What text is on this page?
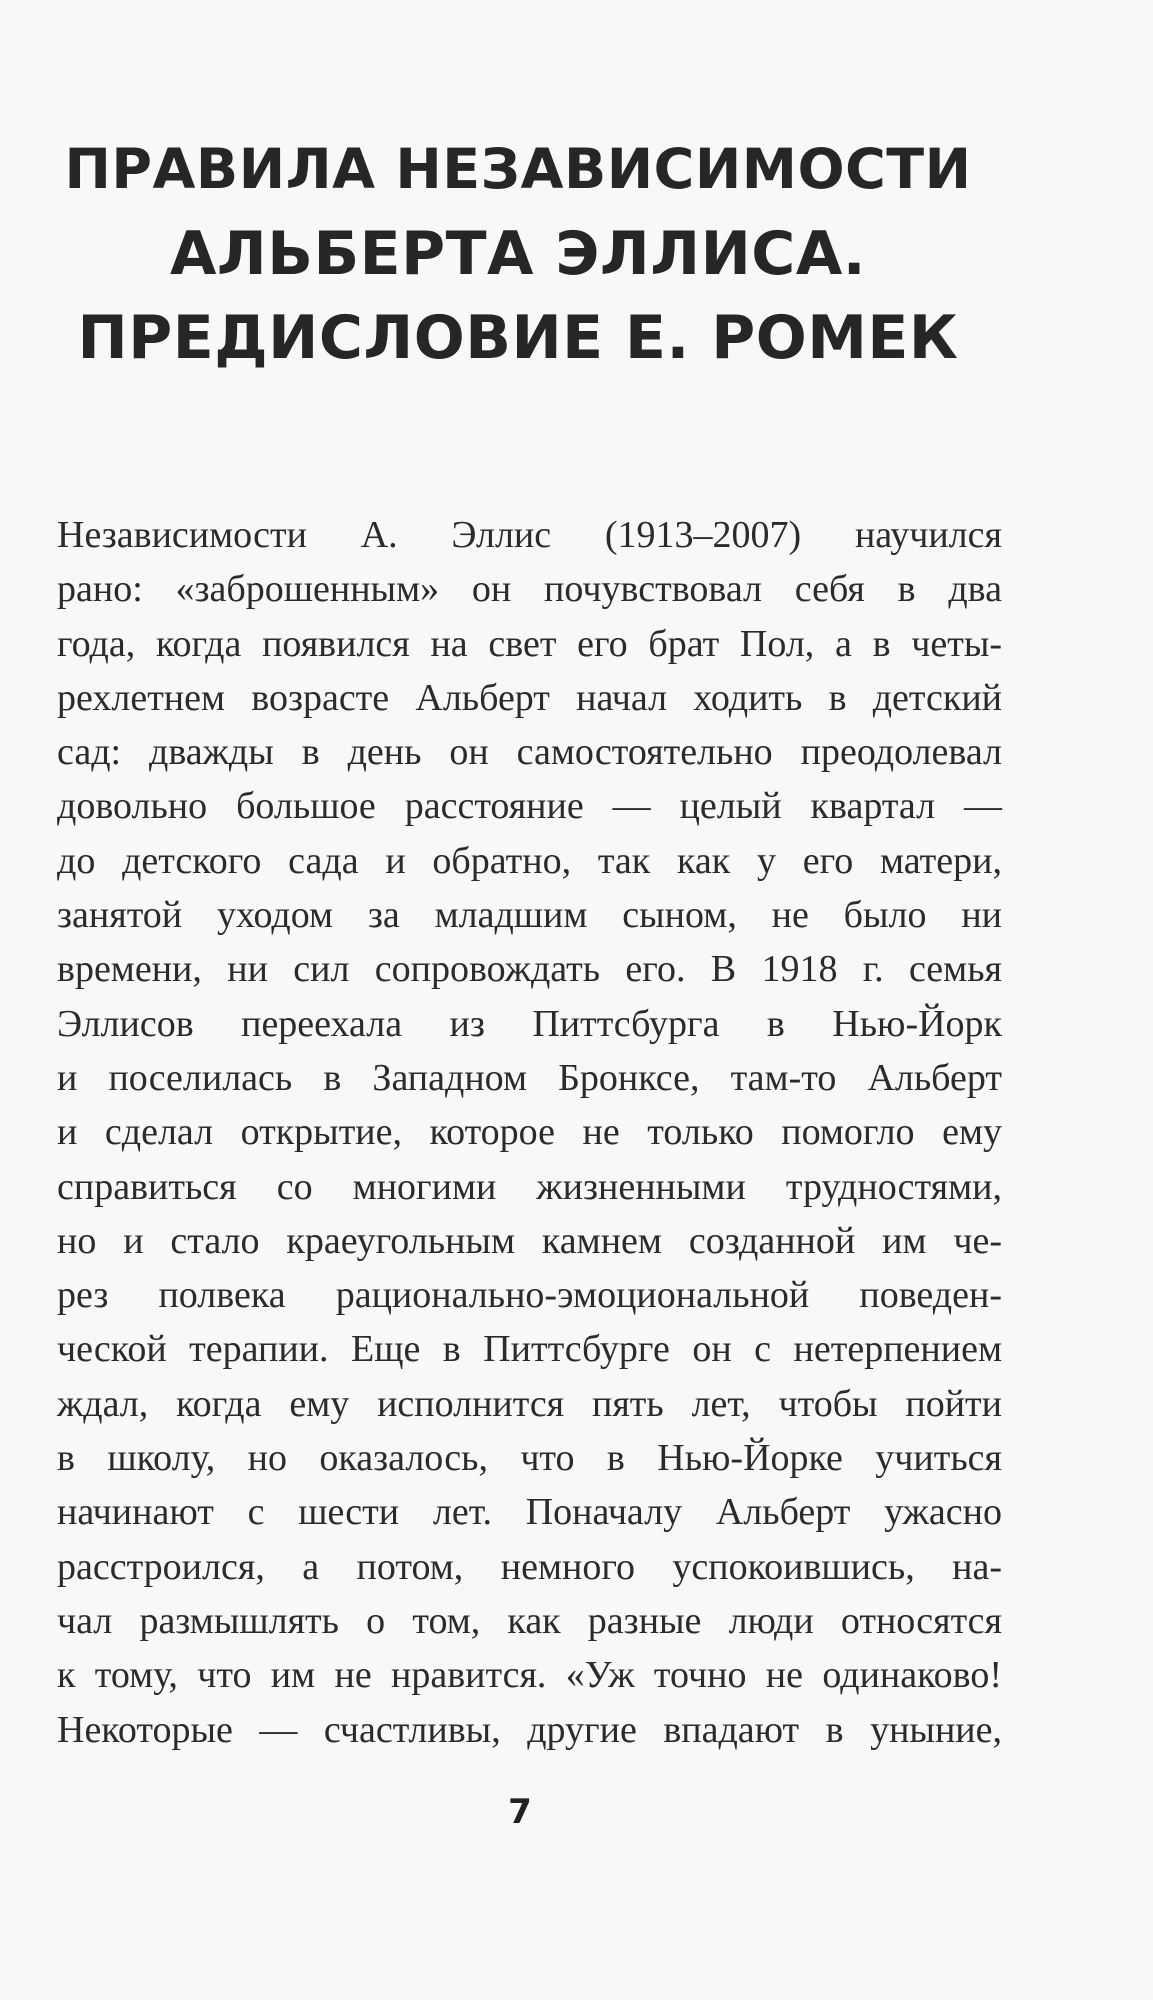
ПРАВИЛА НЕЗАВИСИМОСТИ
АЛЬБЕРТА ЭЛЛИСА.
ПРЕДИСЛОВИЕ Е. РОМЕК
Независимости А. Эллис (1913–2007) научился
рано: «заброшенным» он почувствовал себя в два
года, когда появился на свет его брат Пол, а в четы-
рехлетнем возрасте Альберт начал ходить в детский
сад: дважды в день он самостоятельно преодолевал
довольно большое расстояние — целый квартал —
до детского сада и обратно, так как у его матери,
занятой уходом за младшим сыном, не было ни
времени, ни сил сопровождать его. В 1918 г. семья
Эллисов переехала из Питтсбурга в Нью-Йорк
и поселилась в Западном Бронксе, там-то Альберт
и сделал открытие, которое не только помогло ему
справиться со многими жизненными трудностями,
но и стало краеугольным камнем созданной им че-
рез полвека рационально-эмоциональной поведен-
ческой терапии. Еще в Питтсбурге он с нетерпением
ждал, когда ему исполнится пять лет, чтобы пойти
в школу, но оказалось, что в Нью-Йорке учиться
начинают с шести лет. Поначалу Альберт ужасно
расстроился, а потом, немного успокоившись, на-
чал размышлять о том, как разные люди относятся
к тому, что им не нравится. «Уж точно не одинаково!
Некоторые — счастливы, другие впадают в уныние,
7
